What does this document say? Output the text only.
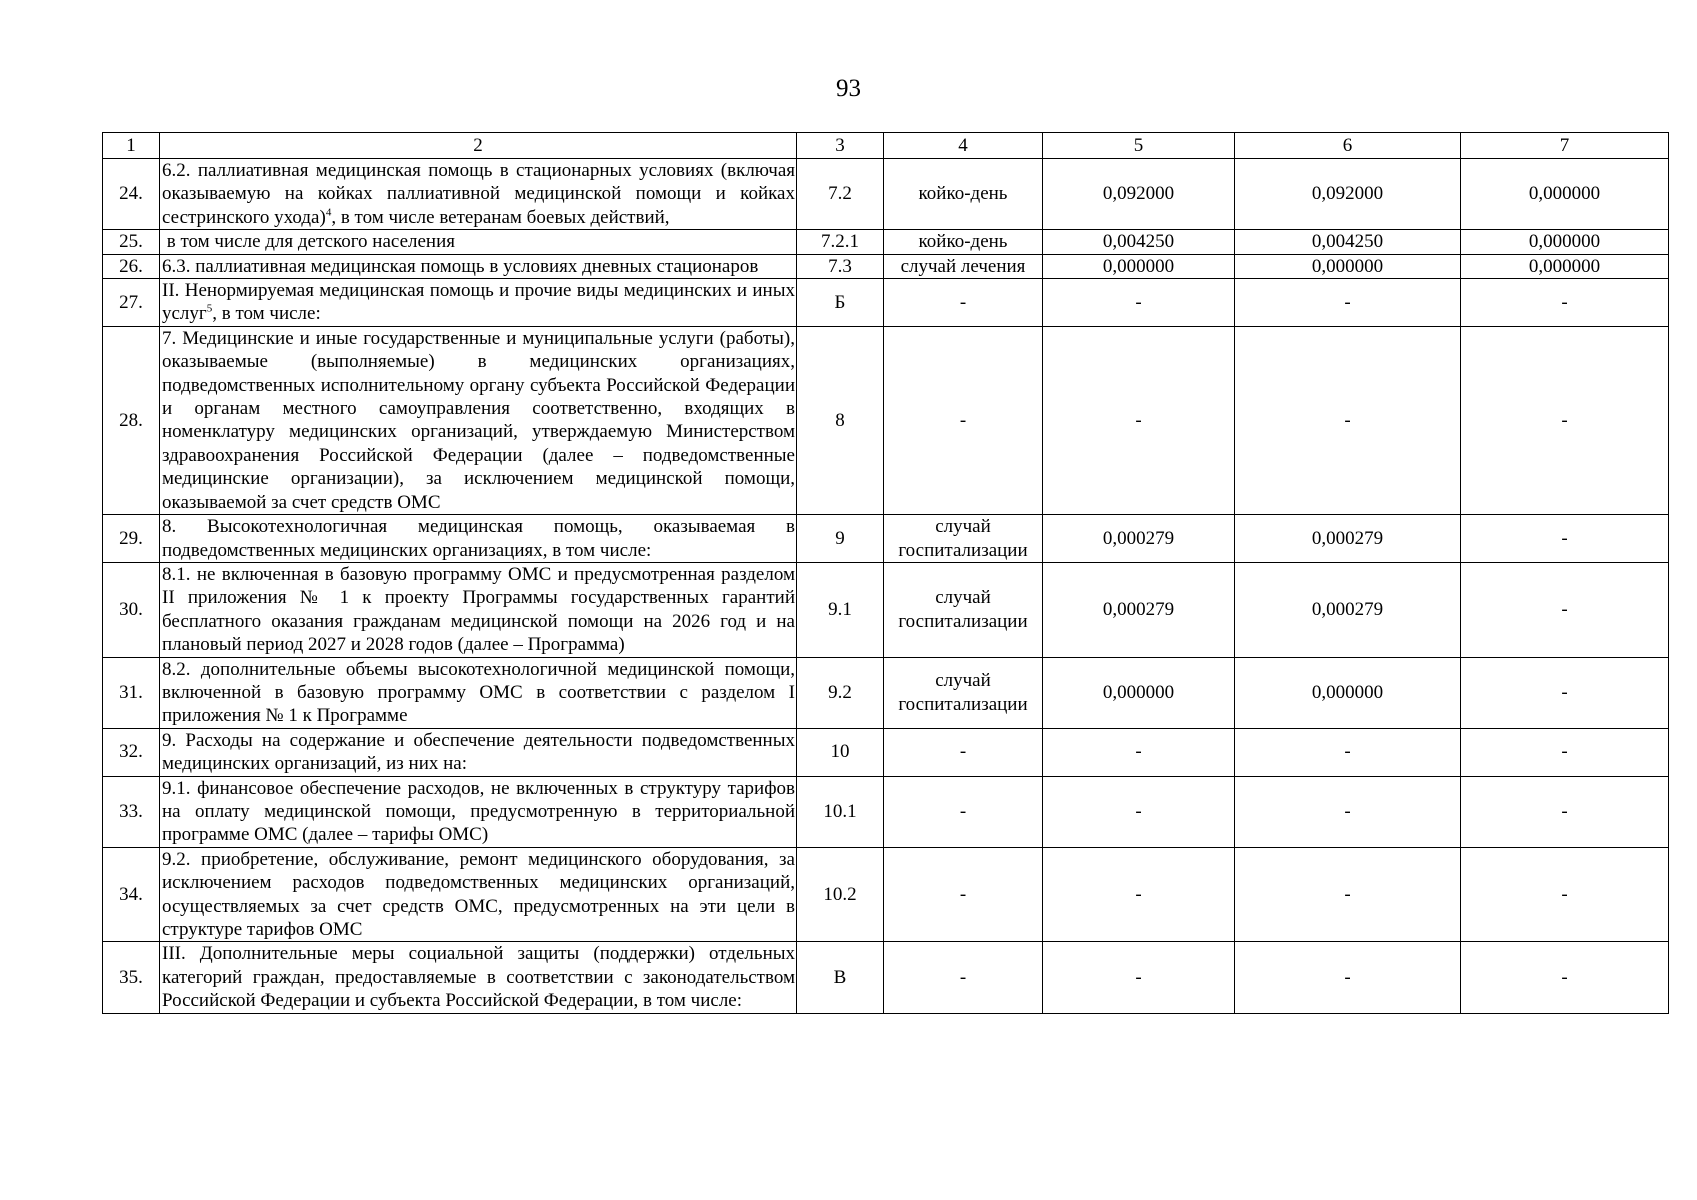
93
1	2	3	4	5	6	7
24.	6.2. паллиативная медицинская помощь в стационарных условиях (включая оказываемую на койках паллиативной медицинской помощи и койках сестринского ухода)$^4$, в том числе ветеранам боевых действий,	7.2	койко-день	0,092000	0,092000	0,000000
25.	в том числе для детского населения	7.2.1	койко-день	0,004250	0,004250	0,000000
26.	6.3. паллиативная медицинская помощь в условиях дневных стационаров	7.3	случай лечения	0,000000	0,000000	0,000000
27.	II. Ненормируемая медицинская помощь и прочие виды медицинских и иных услуг$^5$, в том числе:	Б	-	-	-	-
28.	7. Медицинские и иные государственные и муниципальные услуги (работы), оказываемые (выполняемые) в медицинских организациях, подведомственных исполнительному органу субъекта Российской Федерации и органам местного самоуправления соответственно, входящих в номенклатуру медицинских организаций, утверждаемую Министерством здравоохранения Российской Федерации (далее – подведомственные медицинские организации), за исключением медицинской помощи, оказываемой за счет средств ОМС	8	-	-	-	-
29.	8. Высокотехнологичная медицинская помощь, оказываемая в подведомственных медицинских организациях, в том числе:	9	случай госпитализации	0,000279	0,000279	-
30.	8.1. не включенная в базовую программу ОМС и предусмотренная разделом II приложения № 1 к проекту Программы государственных гарантий бесплатного оказания гражданам медицинской помощи на 2026 год и на плановый период 2027 и 2028 годов (далее – Программа)	9.1	случай госпитализации	0,000279	0,000279	-
31.	8.2. дополнительные объемы высокотехнологичной медицинской помощи, включенной в базовую программу ОМС в соответствии с разделом I приложения № 1 к Программе	9.2	случай госпитализации	0,000000	0,000000	-
32.	9. Расходы на содержание и обеспечение деятельности подведомственных медицинских организаций, из них на:	10	-	-	-	-
33.	9.1. финансовое обеспечение расходов, не включенных в структуру тарифов на оплату медицинской помощи, предусмотренную в территориальной программе ОМС (далее – тарифы ОМС)	10.1	-	-	-	-
34.	9.2. приобретение, обслуживание, ремонт медицинского оборудования, за исключением расходов подведомственных медицинских организаций, осуществляемых за счет средств ОМС, предусмотренных на эти цели в структуре тарифов ОМС	10.2	-	-	-	-
35.	III. Дополнительные меры социальной защиты (поддержки) отдельных категорий граждан, предоставляемые в соответствии с законодательством Российской Федерации и субъекта Российской Федерации, в том числе:	В	-	-	-	-
